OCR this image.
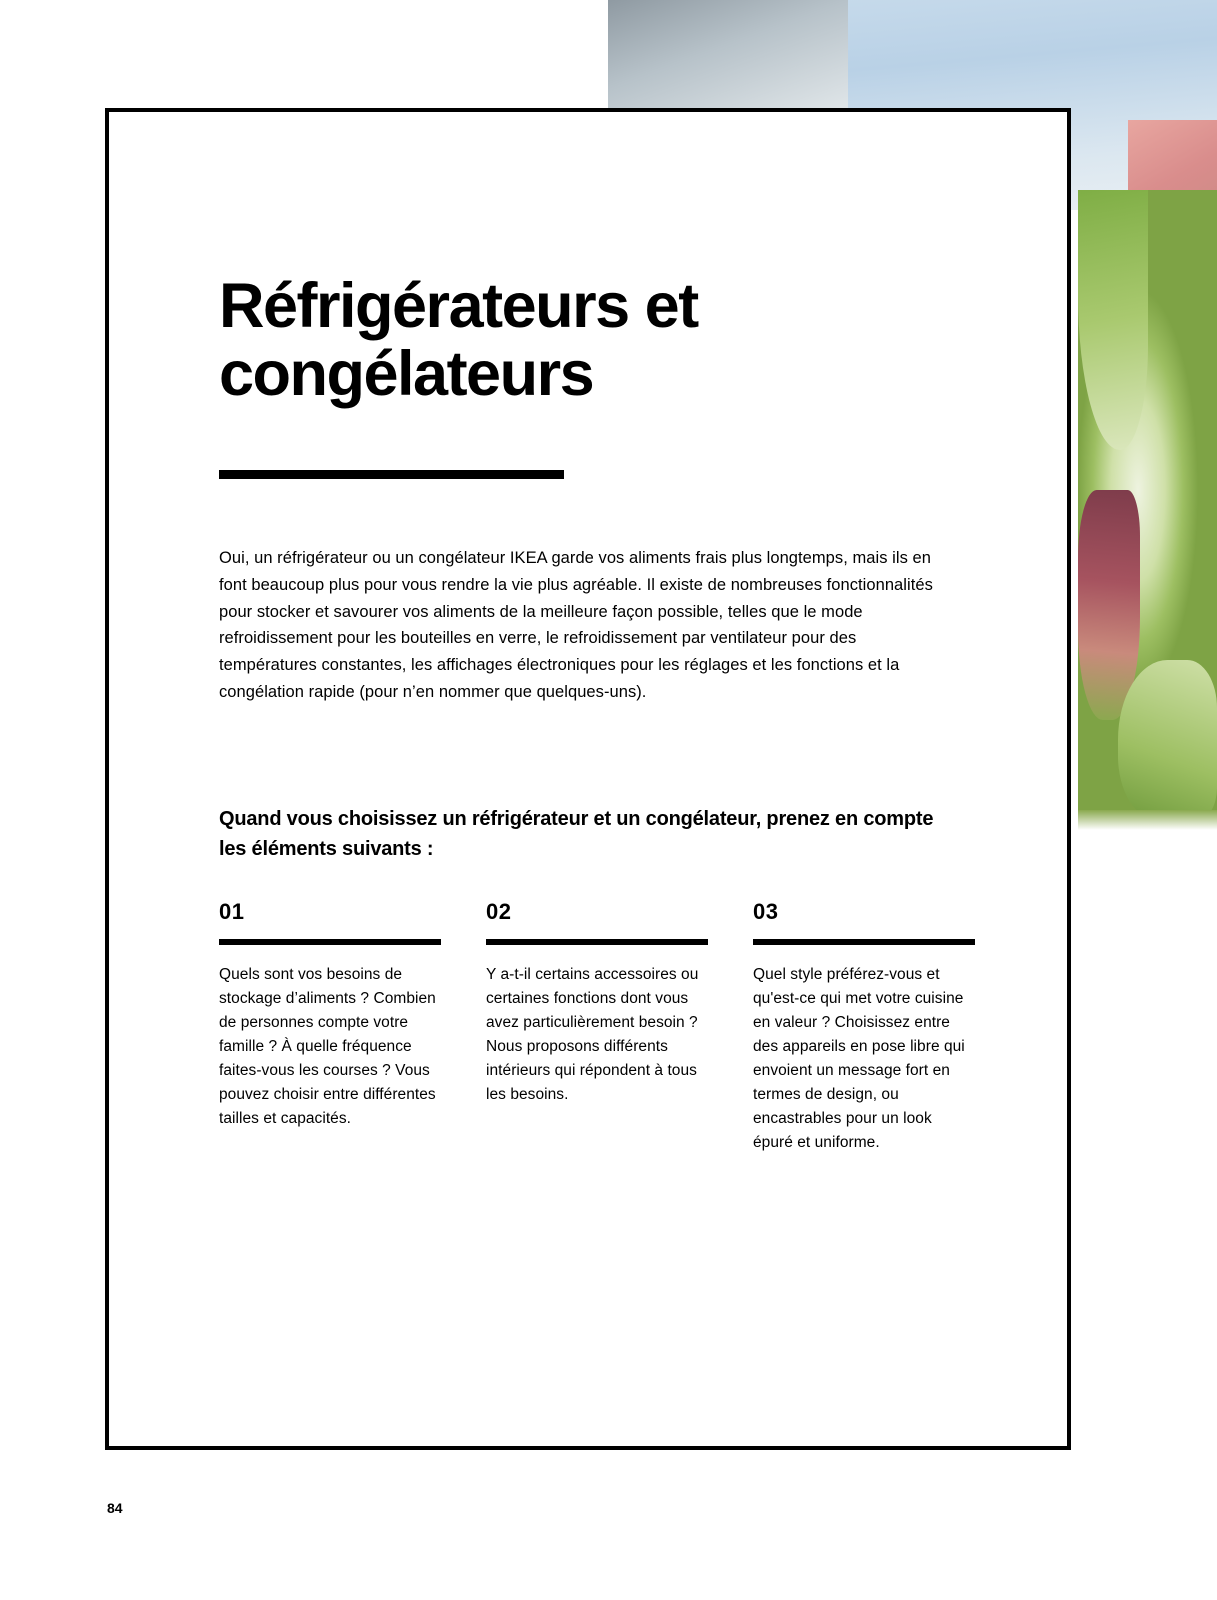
Réfrigérateurs et congélateurs

Oui, un réfrigérateur ou un congélateur IKEA garde vos aliments frais plus longtemps, mais ils en font beaucoup plus pour vous rendre la vie plus agréable. Il existe de nombreuses fonctionnalités pour stocker et savourer vos aliments de la meilleure façon possible, telles que le mode refroidissement pour les bouteilles en verre, le refroidissement par ventilateur pour des températures constantes, les affichages électroniques pour les réglages et les fonctions et la congélation rapide (pour n’en nommer que quelques-uns).

Quand vous choisissez un réfrigérateur et un congélateur, prenez en compte les éléments suivants :
01

Quels sont vos besoins de stockage d’aliments ? Combien de personnes compte votre famille ? À quelle fréquence faites-vous les courses ? Vous pouvez choisir entre différentes tailles et capacités.

02

Y a-t-il certains accessoires ou certaines fonctions dont vous avez particulièrement besoin ? Nous proposons différents intérieurs qui répondent à tous les besoins.

03

Quel style préférez-vous et qu'est-ce qui met votre cuisine en valeur ? Choisissez entre des appareils en pose libre qui envoient un message fort en termes de design, ou encastrables pour un look épuré et uniforme.

84
